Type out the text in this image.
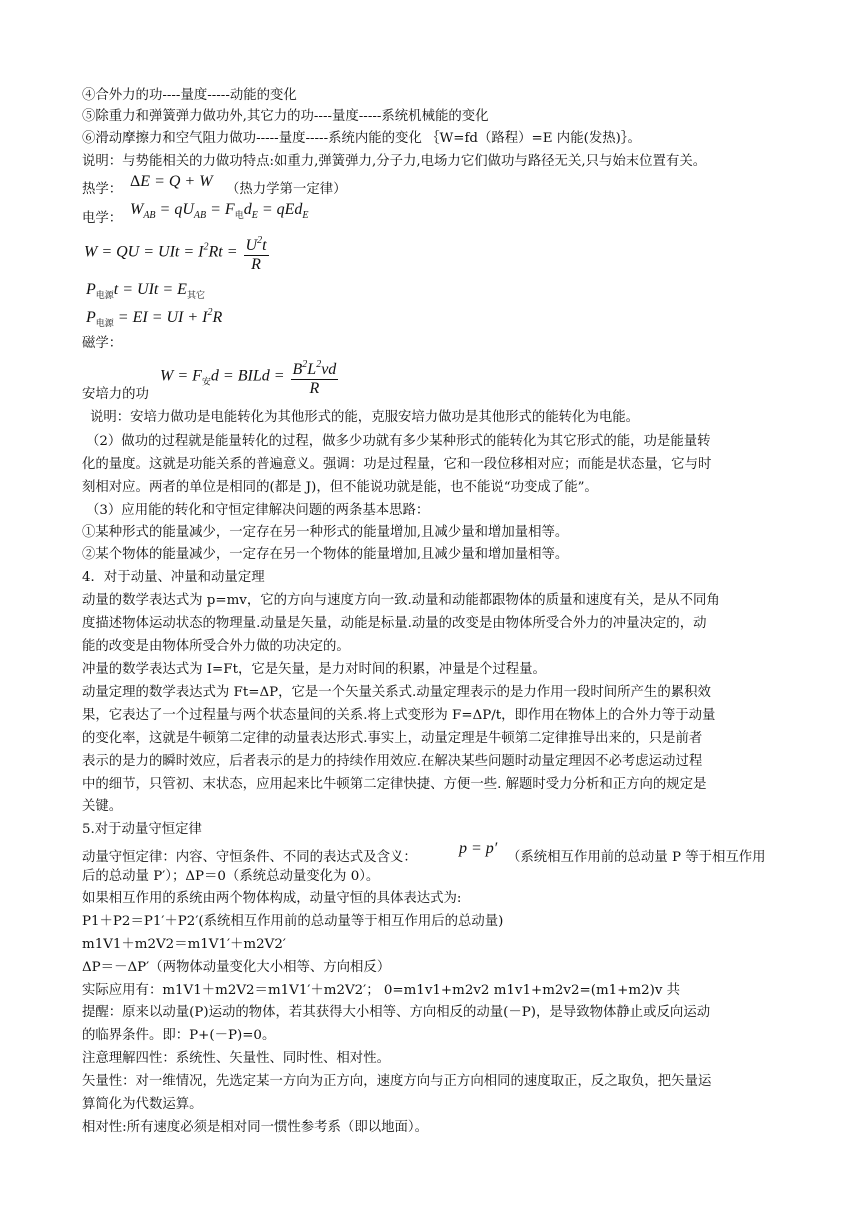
④合外力的功----量度-----动能的变化
⑤除重力和弹簧弹力做功外,其它力的功----量度-----系统机械能的变化
⑥滑动摩擦力和空气阻力做功-----量度-----系统内能的变化 ｛W=fd（路程）=E 内能(发热)｝。
说明：与势能相关的力做功特点:如重力,弹簧弹力,分子力,电场力它们做功与路径无关,只与始末位置有关。
热学： ΔE = Q + W （热力学第一定律）
电学：
$W_{AB} = qU_{AB} = F_电d_E = qEd_E$
W = QU = UIt = $I^2Rt = \frac{U^2t}{R}$
$P_{电源}t$ = UIt = $E_{其它}$
$P_{电源}$ = EI = UI + $I^2R$
磁学：
$W = F_安d$ = BILd = $\frac{B^2L^2vd}{R}$
安培力的功
说明：安培力做功是电能转化为其他形式的能，克服安培力做功是其他形式的能转化为电能。
（2）做功的过程就是能量转化的过程，做多少功就有多少某种形式的能转化为其它形式的能，功是能量转
化的量度。这就是功能关系的普遍意义。强调：功是过程量，它和一段位移相对应；而能是状态量，它与时
刻相对应。两者的单位是相同的(都是 J)，但不能说功就是能，也不能说“功变成了能”。
（3）应用能的转化和守恒定律解决问题的两条基本思路：
①某种形式的能量减少，一定存在另一种形式的能量增加,且减少量和增加量相等。
②某个物体的能量减少，一定存在另一个物体的能量增加,且减少量和增加量相等。
4．对于动量、冲量和动量定理
动量的数学表达式为 p=mv，它的方向与速度方向一致.动量和动能都跟物体的质量和速度有关，是从不同角
度描述物体运动状态的物理量.动量是矢量，动能是标量.动量的改变是由物体所受合外力的冲量决定的，动
能的改变是由物体所受合外力做的功决定的。
冲量的数学表达式为 I=Ft，它是矢量，是力对时间的积累，冲量是个过程量。
动量定理的数学表达式为 Ft=ΔP，它是一个矢量关系式.动量定理表示的是力作用一段时间所产生的累积效
果，它表达了一个过程量与两个状态量间的关系.将上式变形为 F=ΔP/t，即作用在物体上的合外力等于动量
的变化率，这就是牛顿第二定律的动量表达形式.事实上，动量定理是牛顿第二定律推导出来的，只是前者
表示的是力的瞬时效应，后者表示的是力的持续作用效应.在解决某些问题时动量定理因不必考虑运动过程
中的细节，只管初、末状态，应用起来比牛顿第二定律快捷、方便一些. 解题时受力分析和正方向的规定是
关键。
5.对于动量守恒定律
动量守恒定律：内容、守恒条件、不同的表达式及含义：
p = p′
（系统相互作用前的总动量 P 等于相互作用
后的总动量 P′）；ΔP＝0（系统总动量变化为 0）。
如果相互作用的系统由两个物体构成，动量守恒的具体表达式为:
P1＋P2＝P1′＋P2′(系统相互作用前的总动量等于相互作用后的总动量)
m1V1＋m2V2＝m1V1′＋m2V2′
ΔP＝－ΔP′（两物体动量变化大小相等、方向相反）
实际应用有：m1V1＋m2V2＝m1V1′＋m2V2′； 0=m1v1+m2v2 m1v1+m2v2=(m1+m2)v 共
提醒：原来以动量(P)运动的物体，若其获得大小相等、方向相反的动量(－P)，是导致物体静止或反向运动
的临界条件。即：P+(－P)=0。
注意理解四性：系统性、矢量性、同时性、相对性。
矢量性：对一维情况，先选定某一方向为正方向，速度方向与正方向相同的速度取正，反之取负，把矢量运
算简化为代数运算。
相对性:所有速度必须是相对同一惯性参考系（即以地面）。
